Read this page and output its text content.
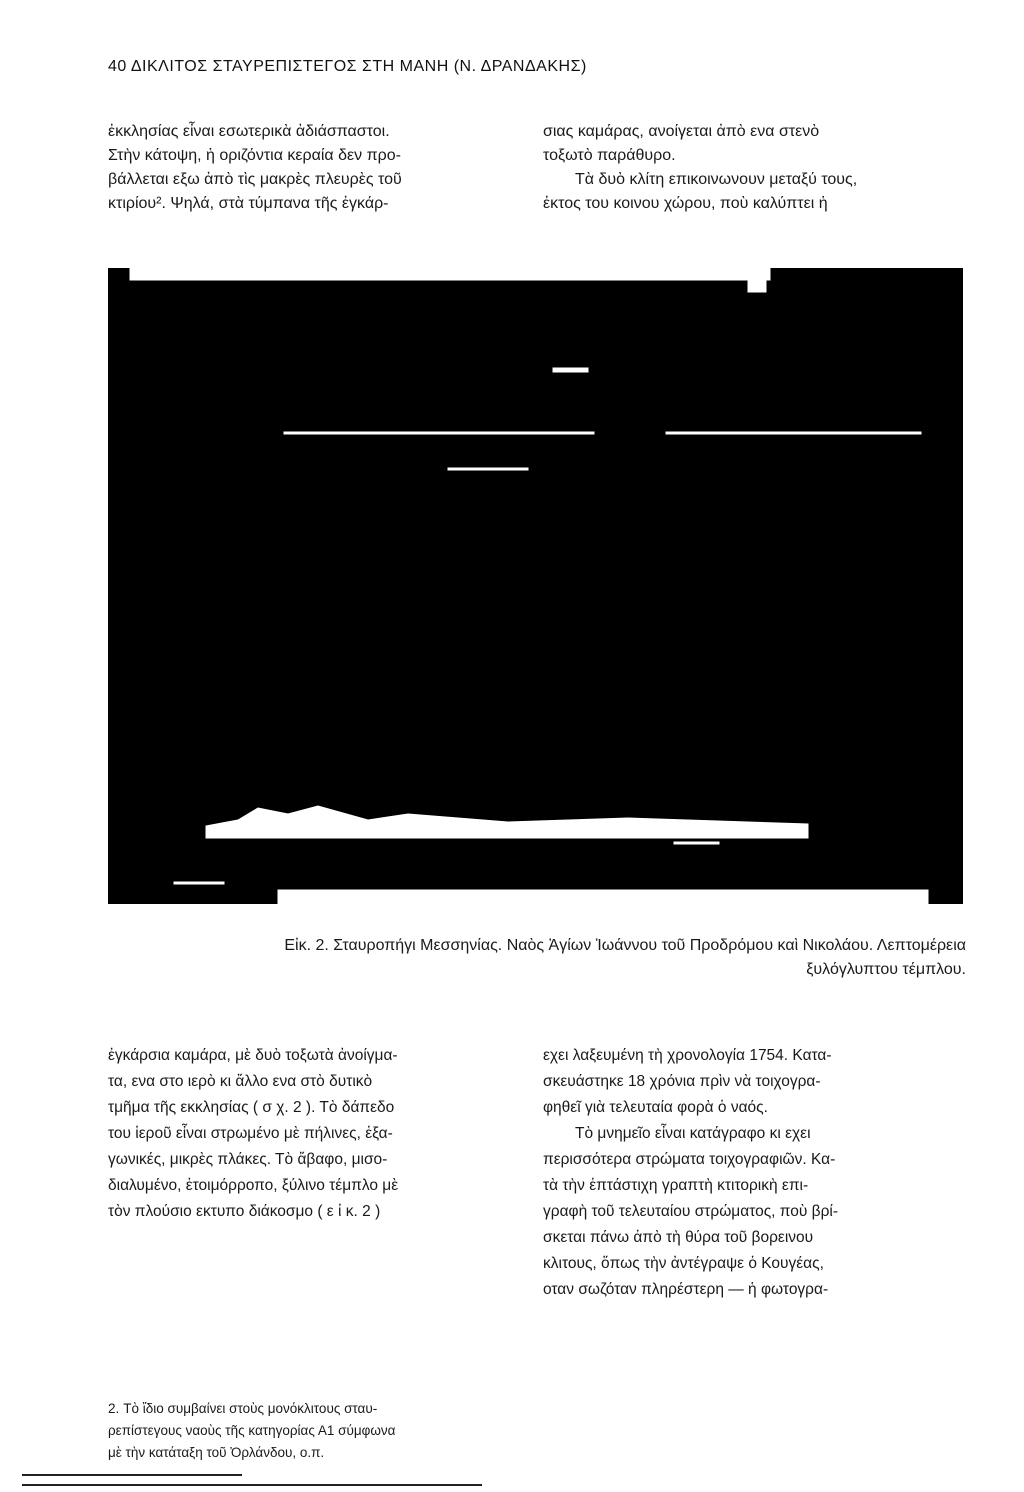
40 ΔΙΚΛΙΤΟΣ ΣΤΑΥΡΕΠΙΣΤΕΓΟΣ ΣΤΗ ΜΑΝΗ (Ν. ΔΡΑΝΔΑΚΗΣ)

ἐκκλησίας εἶναι εσωτερικὰ ἀδιάσπαστοι.

Στὴν κάτοψη, ἡ οριζόντια κεραία δεν προ-

βάλλεται εξω ἀπὸ τὶς μακρὲς πλευρὲς τοῦ

κτιρίου². Ψηλά, στὰ τύμπανα τῆς ἐγκάρ-

σιας καμάρας, ανοίγεται ἀπὸ ενα στενὸ

τοξωτὸ παράθυρο.

Τὰ δυὸ κλίτη επικοινωνουν μεταξύ τους,

ἐκτος του κοινου χώρου, ποὺ καλύπτει ἡ

Εἰκ. 2. Σταυροπήγι Μεσσηνίας. Ναὸς Ἁγίων Ἰωάννου τοῦ Προδρόμου καὶ Νικολάου. Λεπτομέρεια
ξυλόγλυπτου τέμπλου.

ἐγκάρσια καμάρα, μὲ δυὸ τοξωτὰ ἀνοίγμα-

τα, ενα στο ιερὸ κι ἄλλο ενα στὸ δυτικὸ

τμῆμα τῆς εκκλησίας ( σ χ. 2 ). Τὸ δάπεδο

του ἱεροῦ εἶναι στρωμένο μὲ πήλινες, ἑξα-

γωνικές, μικρὲς πλάκες. Τὸ ἄβαφο, μισο-

διαλυμένο, ἑτοιμόρροπο, ξύλινο τέμπλο μὲ

τὸν πλούσιο εκτυπο διάκοσμο ( ε ἰ κ. 2 )

εχει λαξευμένη τὴ χρονολογία 1754. Κατα-

σκευάστηκε 18 χρόνια πρὶν νὰ τοιχογρα-

φηθεῖ γιὰ τελευταία φορὰ ὁ ναός.

Τὸ μνημεῖο εἶναι κατάγραφο κι εχει

περισσότερα στρώματα τοιχογραφιῶν. Κα-

τὰ τὴν ἑπτάστιχη γραπτὴ κτιτορικὴ επι-

γραφὴ τοῦ τελευταίου στρώματος, ποὺ βρί-

σκεται πάνω ἀπὸ τὴ θύρα τοῦ βορεινου

κλιτους, ὅπως τὴν ἀντέγραψε ὁ Κουγέας,

οταν σωζόταν πληρέστερη — ἡ φωτογρα-

2. Τὸ ἴδιο συμβαίνει στοὺς μονόκλιτους σταυ-
ρεπίστεγους ναοὺς τῆς κατηγορίας Α1 σύμφωνα
μὲ τὴν κατάταξη τοῦ Ὀρλάνδου, ο.π.
